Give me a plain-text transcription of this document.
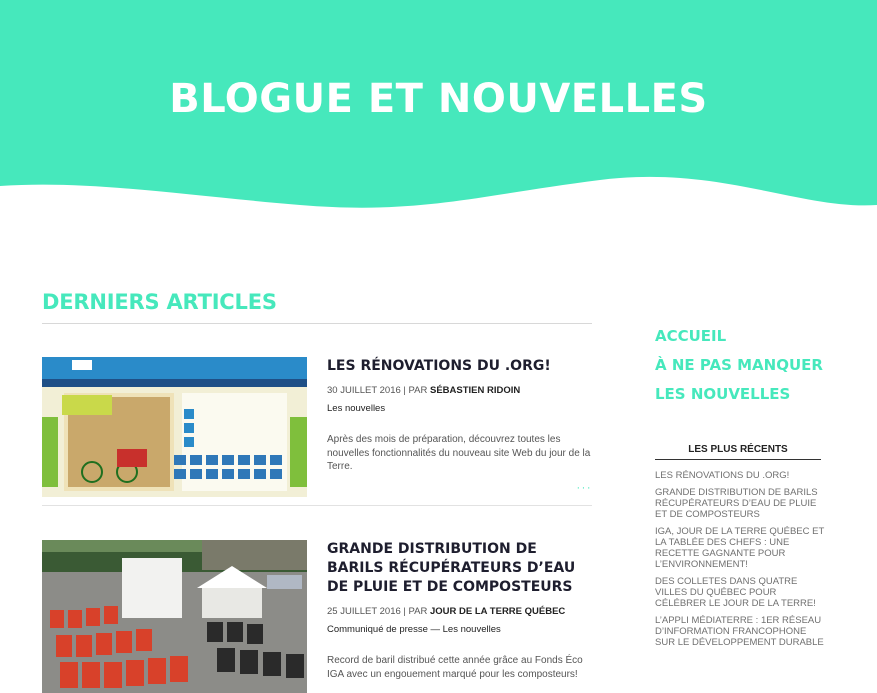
BLOGUE ET NOUVELLES
DERNIERS ARTICLES
LES RÉNOVATIONS DU .ORG!
30 JUILLET 2016 | PAR SÉBASTIEN RIDOIN
Les nouvelles
Après des mois de préparation, découvrez toutes les nouvelles fonctionnalités du nouveau site Web du jour de la Terre.
···
GRANDE DISTRIBUTION DE BARILS RÉCUPÉRATEURS D’EAU DE PLUIE ET DE COMPOSTEURS
25 JUILLET 2016 | PAR JOUR DE LA TERRE QUÉBEC
Communiqué de presse — Les nouvelles
Record de baril distribué cette année grâce au Fonds Éco IGA avec un engouement marqué pour les composteurs!
ACCUEIL
À NE PAS MANQUER
LES NOUVELLES
LES PLUS RÉCENTS
LES RÉNOVATIONS DU .ORG!
GRANDE DISTRIBUTION DE BARILS RÉCUPÉRATEURS D’EAU DE PLUIE ET DE COMPOSTEURS
IGA, JOUR DE LA TERRE QUÉBEC ET LA TABLÉE DES CHEFS : UNE RECETTE GAGNANTE POUR L’ENVIRONNEMENT!
DES COLLETES DANS QUATRE VILLES DU QUÉBEC POUR CÉLÉBRER LE JOUR DE LA TERRE!
L’APPLI MÉDIATERRE : 1ER RÉSEAU D’INFORMATION FRANCOPHONE SUR LE DÉVELOPPEMENT DURABLE
